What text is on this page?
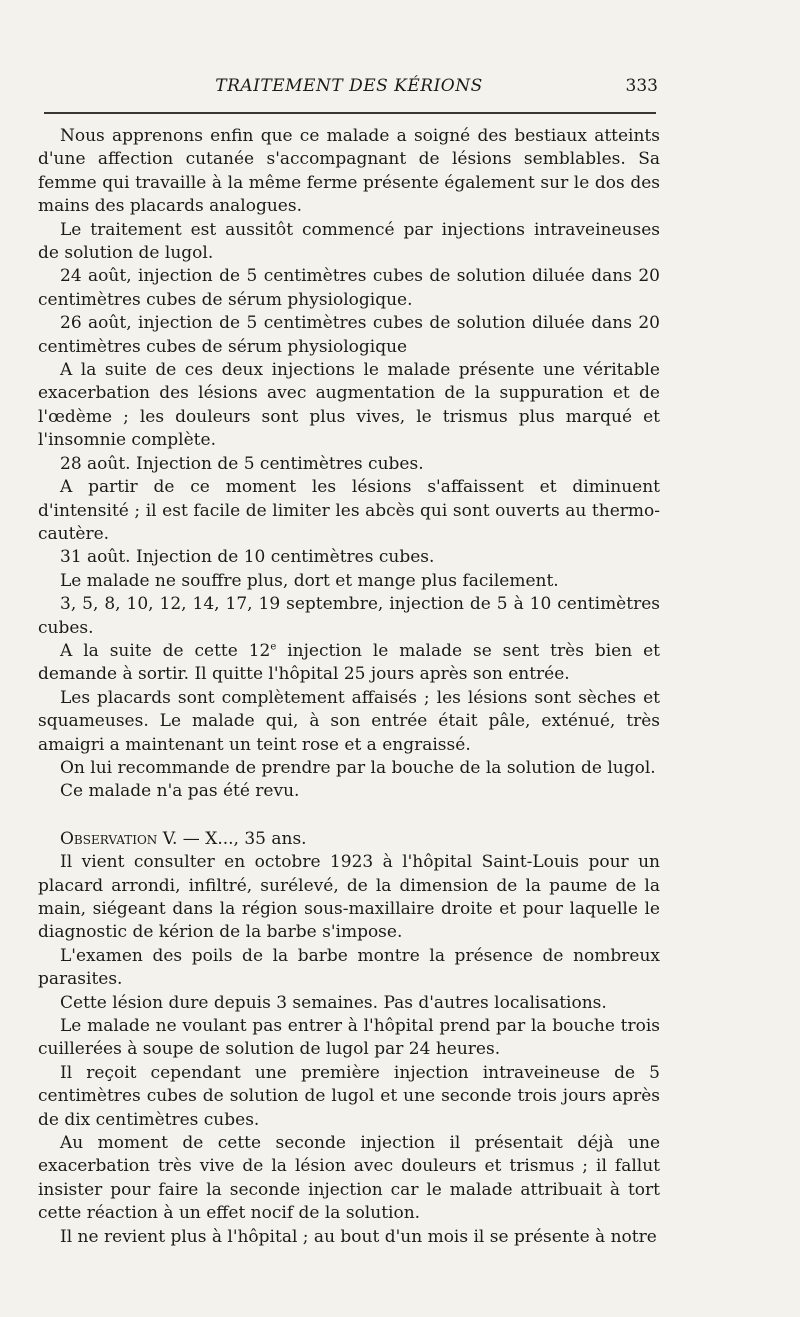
TRAITEMENT DES KÉRIONS	333

Nous apprenons enfin que ce malade a soigné des bestiaux atteints d'une affection cutanée s'accompagnant de lésions semblables. Sa femme qui travaille à la même ferme présente également sur le dos des mains des placards analogues.

Le traitement est aussitôt commencé par injections intraveineuses de solution de lugol.

24 août, injection de 5 centimètres cubes de solution diluée dans 20 centimètres cubes de sérum physiologique.

26 août, injection de 5 centimètres cubes de solution diluée dans 20 centimètres cubes de sérum physiologique

A la suite de ces deux injections le malade présente une véritable exacerbation des lésions avec augmentation de la suppuration et de l'œdème ; les douleurs sont plus vives, le trismus plus marqué et l'insomnie complète.

28 août. Injection de 5 centimètres cubes.

A partir de ce moment les lésions s'affaissent et diminuent d'intensité ; il est facile de limiter les abcès qui sont ouverts au thermo-cautère.

31 août. Injection de 10 centimètres cubes.

Le malade ne souffre plus, dort et mange plus facilement.

3, 5, 8, 10, 12, 14, 17, 19 septembre, injection de 5 à 10 centimètres cubes.

A la suite de cette 12e injection le malade se sent très bien et demande à sortir. Il quitte l'hôpital 25 jours après son entrée.

Les placards sont complètement affaisés ; les lésions sont sèches et squameuses. Le malade qui, à son entrée était pâle, exténué, très amaigri a maintenant un teint rose et a engraissé.

On lui recommande de prendre par la bouche de la solution de lugol.

Ce malade n'a pas été revu.

Observation V. — X..., 35 ans.

Il vient consulter en octobre 1923 à l'hôpital Saint-Louis pour un placard arrondi, infiltré, surélevé, de la dimension de la paume de la main, siégeant dans la région sous-maxillaire droite et pour laquelle le diagnostic de kérion de la barbe s'impose.

L'examen des poils de la barbe montre la présence de nombreux parasites.

Cette lésion dure depuis 3 semaines. Pas d'autres localisations.

Le malade ne voulant pas entrer à l'hôpital prend par la bouche trois cuillerées à soupe de solution de lugol par 24 heures.

Il reçoit cependant une première injection intraveineuse de 5 centimètres cubes de solution de lugol et une seconde trois jours après de dix centimètres cubes.

Au moment de cette seconde injection il présentait déjà une exacerbation très vive de la lésion avec douleurs et trismus ; il fallut insister pour faire la seconde injection car le malade attribuait à tort cette réaction à un effet nocif de la solution.

Il ne revient plus à l'hôpital ; au bout d'un mois il se présente à notre
